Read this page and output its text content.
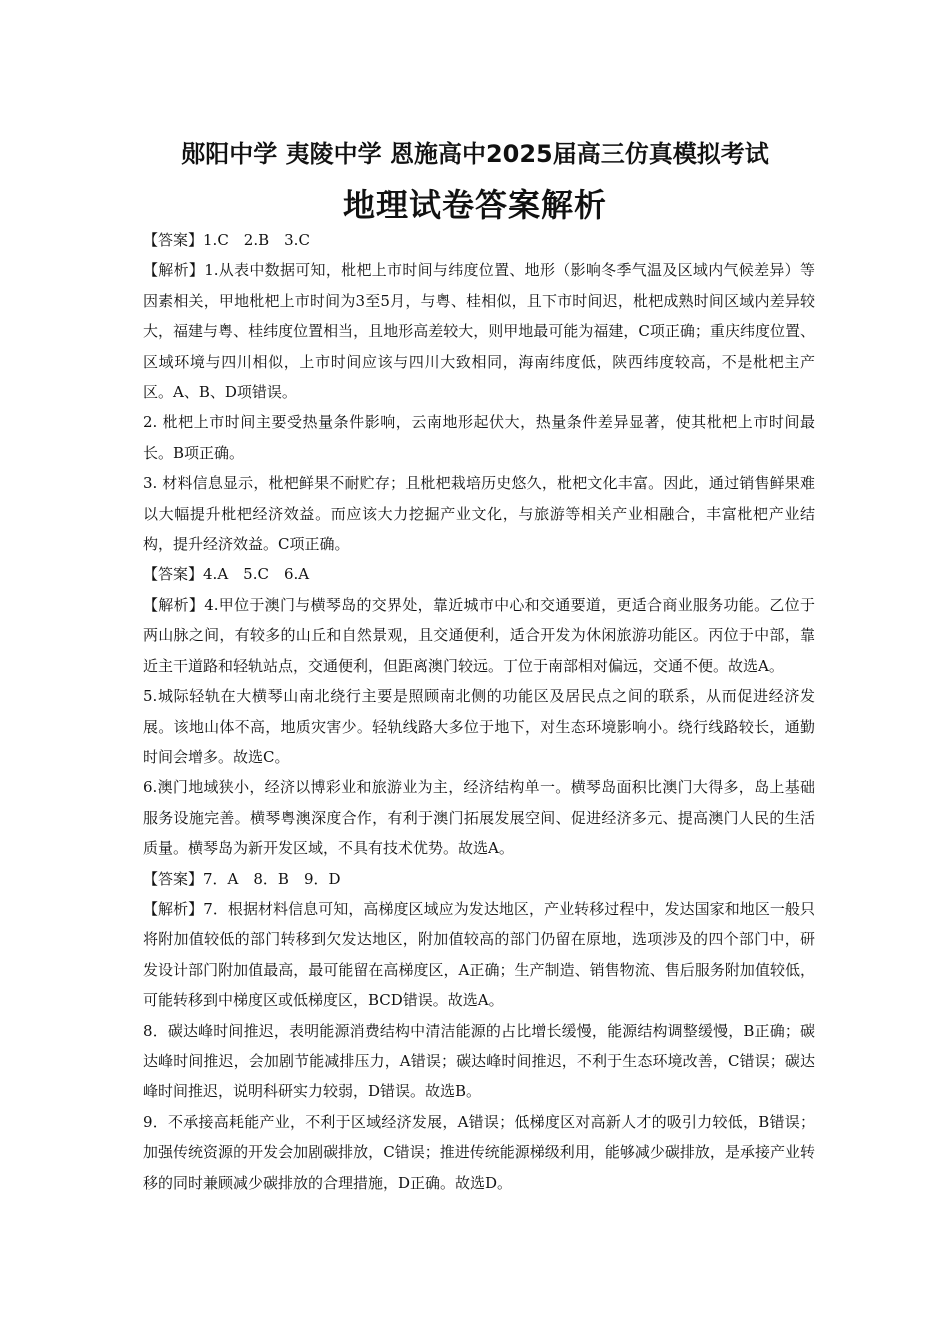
郧阳中学 夷陵中学 恩施高中2025届高三仿真模拟考试
地理试卷答案解析

【答案】1.C　2.B　3.C

【解析】1.从表中数据可知，枇杷上市时间与纬度位置、地形（影响冬季气温及区域内气候差异）等因素相关，甲地枇杷上市时间为3至5月，与粤、桂相似，且下市时间迟，枇杷成熟时间区域内差异较大，福建与粤、桂纬度位置相当，且地形高差较大，则甲地最可能为福建，C项正确；重庆纬度位置、区域环境与四川相似，上市时间应该与四川大致相同，海南纬度低，陕西纬度较高，不是枇杷主产区。A、B、D项错误。

2. 枇杷上市时间主要受热量条件影响，云南地形起伏大，热量条件差异显著，使其枇杷上市时间最长。B项正确。

3. 材料信息显示，枇杷鲜果不耐贮存；且枇杷栽培历史悠久，枇杷文化丰富。因此，通过销售鲜果难以大幅提升枇杷经济效益。而应该大力挖掘产业文化，与旅游等相关产业相融合，丰富枇杷产业结构，提升经济效益。C项正确。

【答案】4.A　5.C　6.A

【解析】4.甲位于澳门与横琴岛的交界处，靠近城市中心和交通要道，更适合商业服务功能。乙位于两山脉之间，有较多的山丘和自然景观，且交通便利，适合开发为休闲旅游功能区。丙位于中部，靠近主干道路和轻轨站点，交通便利，但距离澳门较远。丁位于南部相对偏远，交通不便。故选A。

5.城际轻轨在大横琴山南北绕行主要是照顾南北侧的功能区及居民点之间的联系，从而促进经济发展。该地山体不高，地质灾害少。轻轨线路大多位于地下，对生态环境影响小。绕行线路较长，通勤时间会增多。故选C。

6.澳门地域狭小，经济以博彩业和旅游业为主，经济结构单一。横琴岛面积比澳门大得多，岛上基础服务设施完善。横琴粤澳深度合作，有利于澳门拓展发展空间、促进经济多元、提高澳门人民的生活质量。横琴岛为新开发区域，不具有技术优势。故选A。

【答案】7．A　8．B　9．D

【解析】7．根据材料信息可知，高梯度区域应为发达地区，产业转移过程中，发达国家和地区一般只将附加值较低的部门转移到欠发达地区，附加值较高的部门仍留在原地，选项涉及的四个部门中，研发设计部门附加值最高，最可能留在高梯度区，A正确；生产制造、销售物流、售后服务附加值较低，可能转移到中梯度区或低梯度区，BCD错误。故选A。

8．碳达峰时间推迟，表明能源消费结构中清洁能源的占比增长缓慢，能源结构调整缓慢，B正确；碳达峰时间推迟，会加剧节能减排压力，A错误；碳达峰时间推迟，不利于生态环境改善，C错误；碳达峰时间推迟，说明科研实力较弱，D错误。故选B。

9．不承接高耗能产业，不利于区域经济发展，A错误；低梯度区对高新人才的吸引力较低，B错误；加强传统资源的开发会加剧碳排放，C错误；推进传统能源梯级利用，能够减少碳排放，是承接产业转移的同时兼顾减少碳排放的合理措施，D正确。故选D。
